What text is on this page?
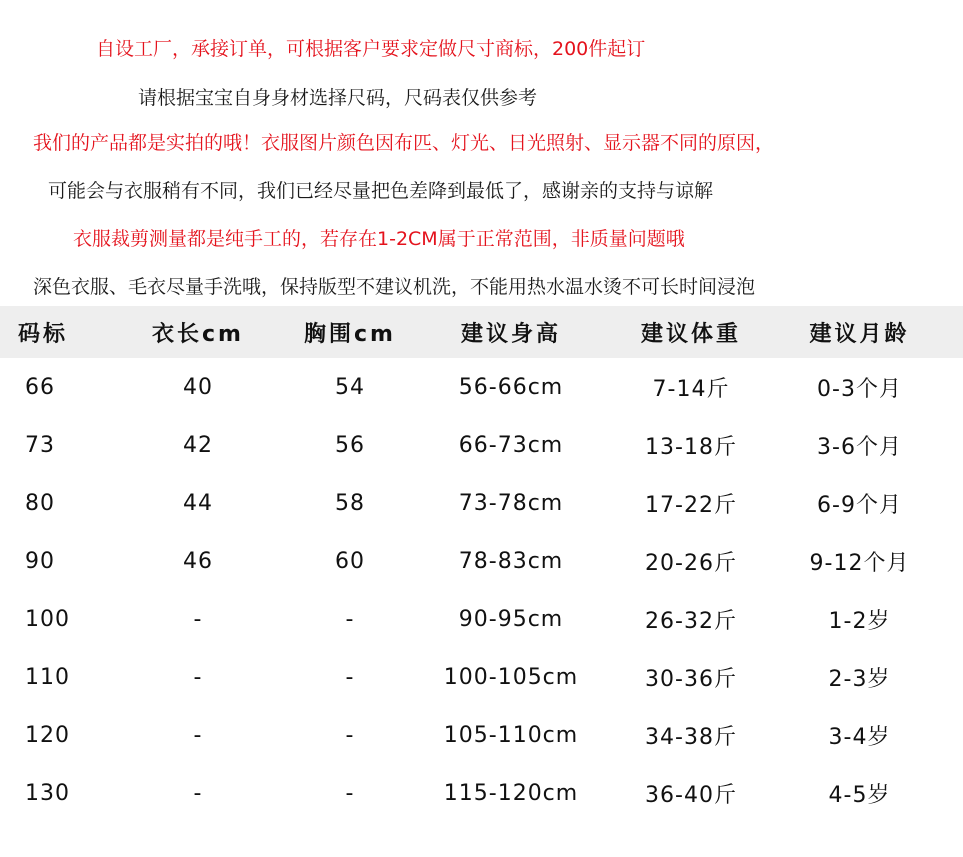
自设工厂，承接订单，可根据客户要求定做尺寸商标，200件起订
请根据宝宝自身身材选择尺码，尺码表仅供参考
我们的产品都是实拍的哦！衣服图片颜色因布匹、灯光、日光照射、显示器不同的原因，
可能会与衣服稍有不同，我们已经尽量把色差降到最低了，感谢亲的支持与谅解
衣服裁剪测量都是纯手工的，若存在1-2CM属于正常范围，非质量问题哦
深色衣服、毛衣尽量手洗哦，保持版型不建议机洗，不能用热水温水烫不可长时间浸泡
码标	衣长cm	胸围cm	建议身高	建议体重	建议月龄
66	40	54	56-66cm	7-14斤	0-3个月
73	42	56	66-73cm	13-18斤	3-6个月
80	44	58	73-78cm	17-22斤	6-9个月
90	46	60	78-83cm	20-26斤	9-12个月
100	-	-	90-95cm	26-32斤	1-2岁
110	-	-	100-105cm	30-36斤	2-3岁
120	-	-	105-110cm	34-38斤	3-4岁
130	-	-	115-120cm	36-40斤	4-5岁
